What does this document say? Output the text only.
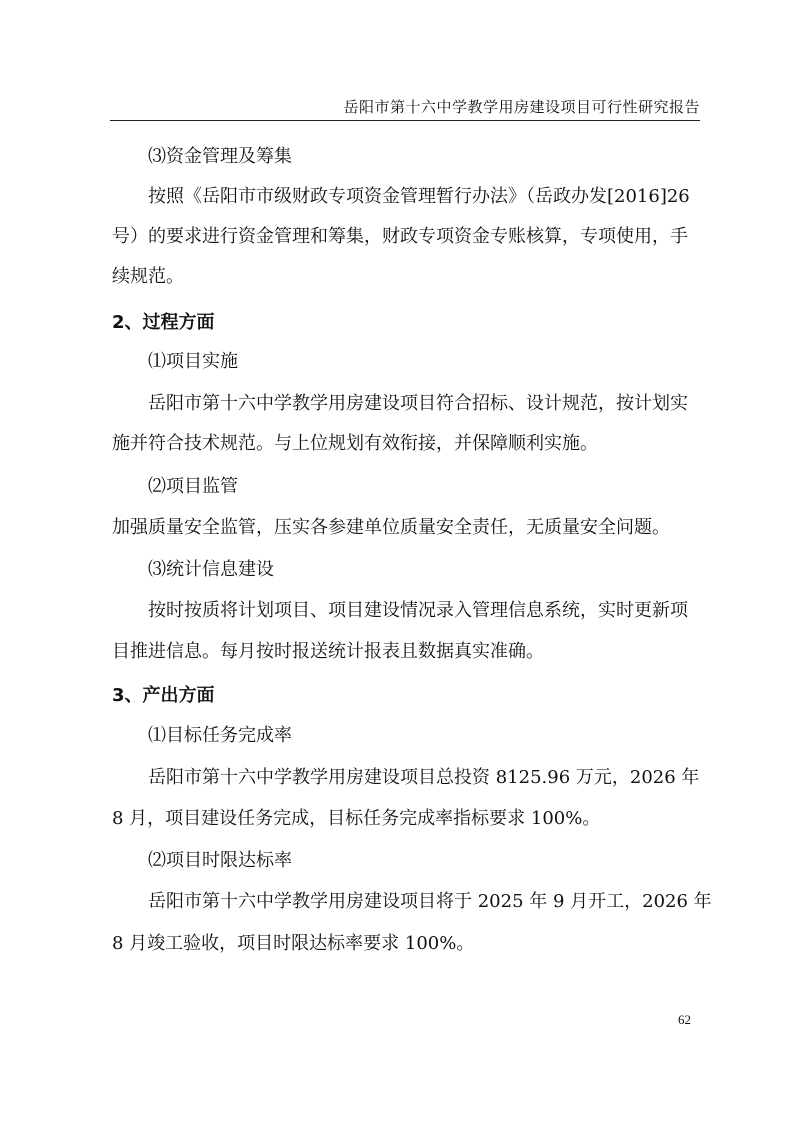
岳阳市第十六中学教学用房建设项目可行性研究报告
⑶资金管理及筹集
按照《岳阳市市级财政专项资金管理暂行办法》（岳政办发[2016]26
号）的要求进行资金管理和筹集，财政专项资金专账核算，专项使用，手
续规范。
2、过程方面
⑴项目实施
岳阳市第十六中学教学用房建设项目符合招标、设计规范，按计划实
施并符合技术规范。与上位规划有效衔接，并保障顺利实施。
⑵项目监管
加强质量安全监管，压实各参建单位质量安全责任，无质量安全问题。
⑶统计信息建设
按时按质将计划项目、项目建设情况录入管理信息系统，实时更新项
目推进信息。每月按时报送统计报表且数据真实准确。
3、产出方面
⑴目标任务完成率
岳阳市第十六中学教学用房建设项目总投资 8125.96 万元，2026 年
8 月，项目建设任务完成，目标任务完成率指标要求 100%。
⑵项目时限达标率
岳阳市第十六中学教学用房建设项目将于 2025 年 9 月开工，2026 年
8 月竣工验收，项目时限达标率要求 100%。
62
